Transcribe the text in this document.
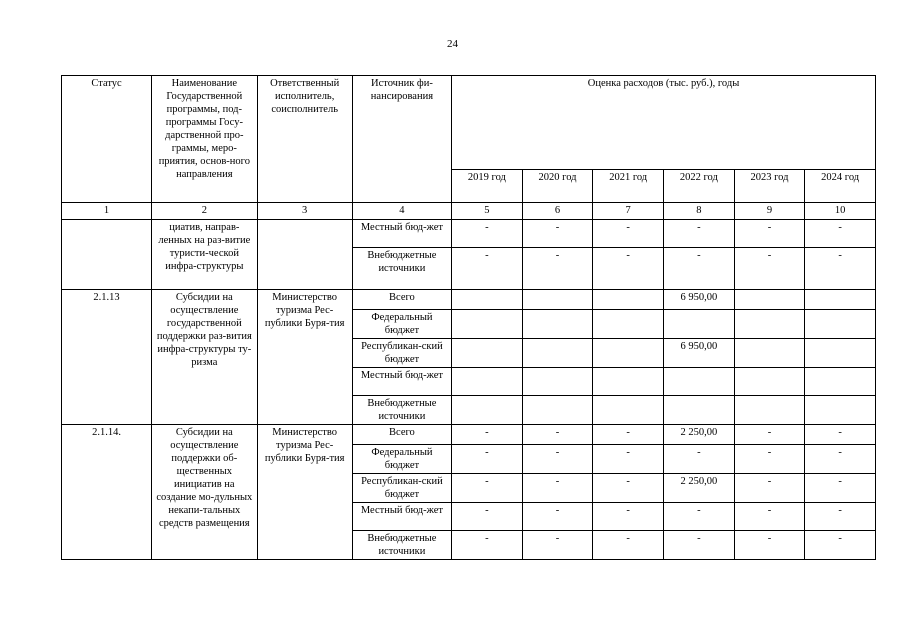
24
Статус	Наименование Государственной программы, под-программы Госу-дарственной про-граммы, меро-приятия, основ-ного направления	Ответственный исполнитель, соисполнитель	Источник фи-нансирования	Оценка расходов (тыс. руб.), годы					
				2019 год	2020 год	2021 год	2022 год	2023 год	2024 год
1	2	3	4	5	6	7	8	9	10
	циатив, направ-ленных на раз-витие туристи-ческой инфра-структуры		Местный бюд-жет	-	-	-	-	-	-
			Внебюджетные источники	-	-	-	-	-	-
2.1.13	Субсидии на осуществление государственной поддержки раз-вития инфра-структуры ту-ризма	Министерство туризма Рес-публики Буря-тия	Всего				6 950,00		
			Федеральный бюджет						
			Республикан-ский бюджет				6 950,00		
			Местный бюд-жет						
			Внебюджетные источники						
2.1.14.	Субсидии на осуществление поддержки об-щественных инициатив на создание мо-дульных некапи-тальных средств размещения	Министерство туризма Рес-публики Буря-тия	Всего	-	-	-	2 250,00	-	-
			Федеральный бюджет	-	-	-	-	-	-
			Республикан-ский бюджет	-	-	-	2 250,00	-	-
			Местный бюд-жет	-	-	-	-	-	-
			Внебюджетные источники	-	-	-	-	-	-
